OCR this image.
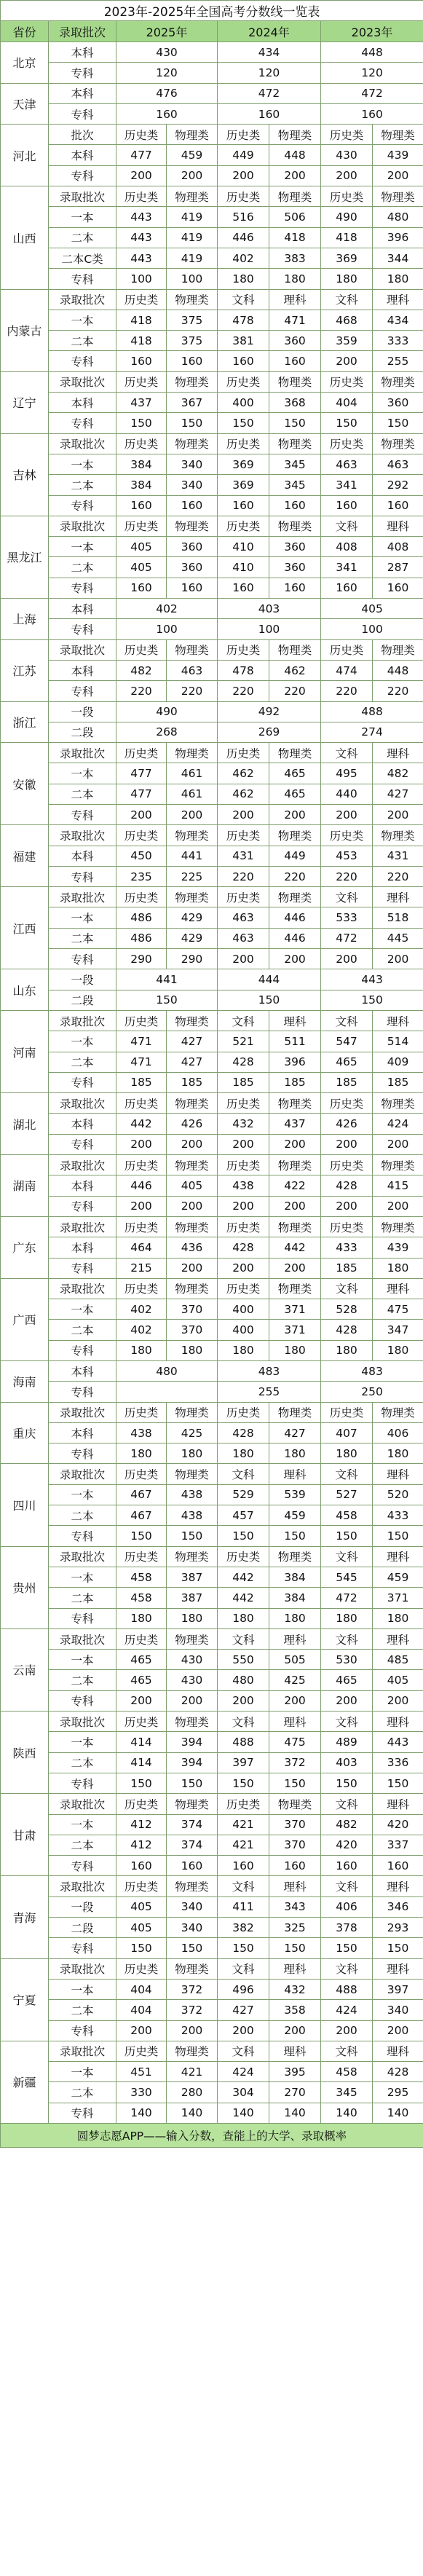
2023年-2025年全国高考分数线一览表							
省份	录取批次	2025年		2024年		2023年	
北京	本科	430		434		448	
	专科	120		120		120	
天津	本科	476		472		472	
	专科	160		160		160	
河北	批次	历史类	物理类	历史类	物理类	历史类	物理类
	本科	477	459	449	448	430	439
	专科	200	200	200	200	200	200
山西	录取批次	历史类	物理类	历史类	物理类	历史类	物理类
	一本	443	419	516	506	490	480
	二本	443	419	446	418	418	396
	二本C类	443	419	402	383	369	344
	专科	100	100	180	180	180	180
内蒙古	录取批次	历史类	物理类	文科	理科	文科	理科
	一本	418	375	478	471	468	434
	二本	418	375	381	360	359	333
	专科	160	160	160	160	200	255
辽宁	录取批次	历史类	物理类	历史类	物理类	历史类	物理类
	本科	437	367	400	368	404	360
	专科	150	150	150	150	150	150
吉林	录取批次	历史类	物理类	历史类	物理类	历史类	物理类
	一本	384	340	369	345	463	463
	二本	384	340	369	345	341	292
	专科	160	160	160	160	160	160
黑龙江	录取批次	历史类	物理类	历史类	物理类	文科	理科
	一本	405	360	410	360	408	408
	二本	405	360	410	360	341	287
	专科	160	160	160	160	160	160
上海	本科	402		403		405	
	专科	100		100		100	
江苏	录取批次	历史类	物理类	历史类	物理类	历史类	物理类
	本科	482	463	478	462	474	448
	专科	220	220	220	220	220	220
浙江	一段	490		492		488	
	二段	268		269		274	
安徽	录取批次	历史类	物理类	历史类	物理类	文科	理科
	一本	477	461	462	465	495	482
	二本	477	461	462	465	440	427
	专科	200	200	200	200	200	200
福建	录取批次	历史类	物理类	历史类	物理类	历史类	物理类
	本科	450	441	431	449	453	431
	专科	235	225	220	220	220	220
江西	录取批次	历史类	物理类	历史类	物理类	文科	理科
	一本	486	429	463	446	533	518
	二本	486	429	463	446	472	445
	专科	290	290	200	200	200	200
山东	一段	441		444		443	
	二段	150		150		150	
河南	录取批次	历史类	物理类	文科	理科	文科	理科
	一本	471	427	521	511	547	514
	二本	471	427	428	396	465	409
	专科	185	185	185	185	185	185
湖北	录取批次	历史类	物理类	历史类	物理类	历史类	物理类
	本科	442	426	432	437	426	424
	专科	200	200	200	200	200	200
湖南	录取批次	历史类	物理类	历史类	物理类	历史类	物理类
	本科	446	405	438	422	428	415
	专科	200	200	200	200	200	200
广东	录取批次	历史类	物理类	历史类	物理类	历史类	物理类
	本科	464	436	428	442	433	439
	专科	215	200	200	200	185	180
广西	录取批次	历史类	物理类	历史类	物理类	文科	理科
	一本	402	370	400	371	528	475
	二本	402	370	400	371	428	347
	专科	180	180	180	180	180	180
海南	本科	480		483		483	
	专科			255		250	
重庆	录取批次	历史类	物理类	历史类	物理类	历史类	物理类
	本科	438	425	428	427	407	406
	专科	180	180	180	180	180	180
四川	录取批次	历史类	物理类	文科	理科	文科	理科
	一本	467	438	529	539	527	520
	二本	467	438	457	459	458	433
	专科	150	150	150	150	150	150
贵州	录取批次	历史类	物理类	历史类	物理类	文科	理科
	一本	458	387	442	384	545	459
	二本	458	387	442	384	472	371
	专科	180	180	180	180	180	180
云南	录取批次	历史类	物理类	文科	理科	文科	理科
	一本	465	430	550	505	530	485
	二本	465	430	480	425	465	405
	专科	200	200	200	200	200	200
陕西	录取批次	历史类	物理类	文科	理科	文科	理科
	一本	414	394	488	475	489	443
	二本	414	394	397	372	403	336
	专科	150	150	150	150	150	150
甘肃	录取批次	历史类	物理类	历史类	物理类	文科	理科
	一本	412	374	421	370	482	420
	二本	412	374	421	370	420	337
	专科	160	160	160	160	160	160
青海	录取批次	历史类	物理类	文科	理科	文科	理科
	一段	405	340	411	343	406	346
	二段	405	340	382	325	378	293
	专科	150	150	150	150	150	150
宁夏	录取批次	历史类	物理类	文科	理科	文科	理科
	一本	404	372	496	432	488	397
	二本	404	372	427	358	424	340
	专科	200	200	200	200	200	200
新疆	录取批次	历史类	物理类	文科	理科	文科	理科
	一本	451	421	424	395	458	428
	二本	330	280	304	270	345	295
	专科	140	140	140	140	140	140
圆梦志愿APP——输入分数，查能上的大学、录取概率							
